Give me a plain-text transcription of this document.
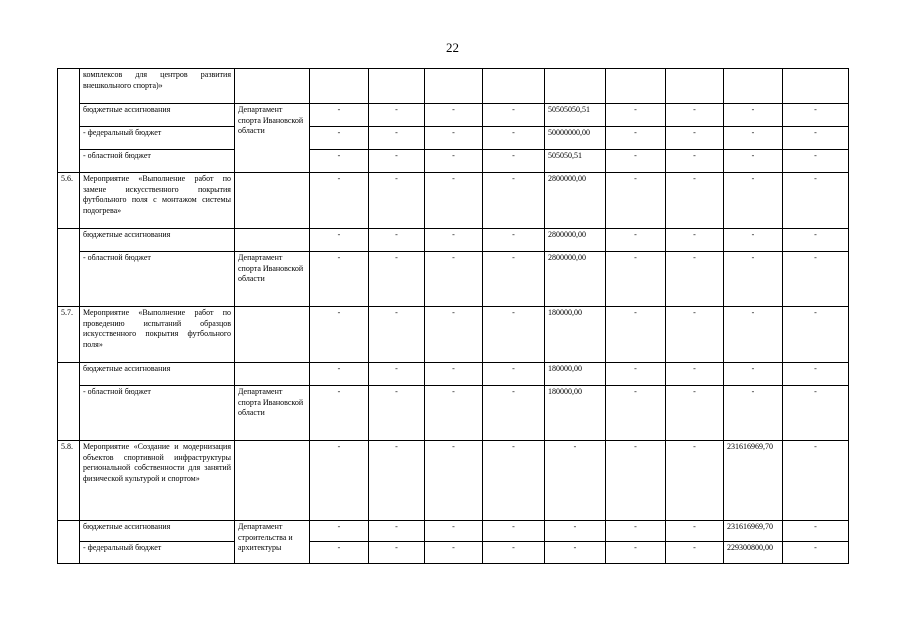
22
	комплексов для центров развития внешкольного спорта)»										
	бюджетные ассигнования	Департамент спорта Ивановской области	-	-	-	-	50505050,51	-	-	-	-
	- федеральный бюджет		-	-	-	-	50000000,00	-	-	-	-
	- областной бюджет		-	-	-	-	505050,51	-	-	-	-
5.6.	Мероприятие «Выполнение работ по замене искусственного покрытия футбольного поля с монтажом системы подогрева»		-	-	-	-	2800000,00	-	-	-	-
	бюджетные ассигнования		-	-	-	-	2800000,00	-	-	-	-
	- областной бюджет	Департамент спорта Ивановской области	-	-	-	-	2800000,00	-	-	-	-
5.7.	Мероприятие «Выполнение работ по проведению испытаний образцов искусственного покрытия футбольного поля»		-	-	-	-	180000,00	-	-	-	-
	бюджетные ассигнования		-	-	-	-	180000,00	-	-	-	-
	- областной бюджет	Департамент спорта Ивановской области	-	-	-	-	180000,00	-	-	-	-
5.8.	Мероприятие «Создание и модернизация объектов спортивной инфраструктуры региональной собственности для занятий физической культурой и спортом»		-	-	-	-	-	-	-	231616969,70	-
	бюджетные ассигнования	Департамент строительства и архитектуры	-	-	-	-	-	-	-	231616969,70	-
	- федеральный бюджет		-	-	-	-	-	-	-	229300800,00	-
